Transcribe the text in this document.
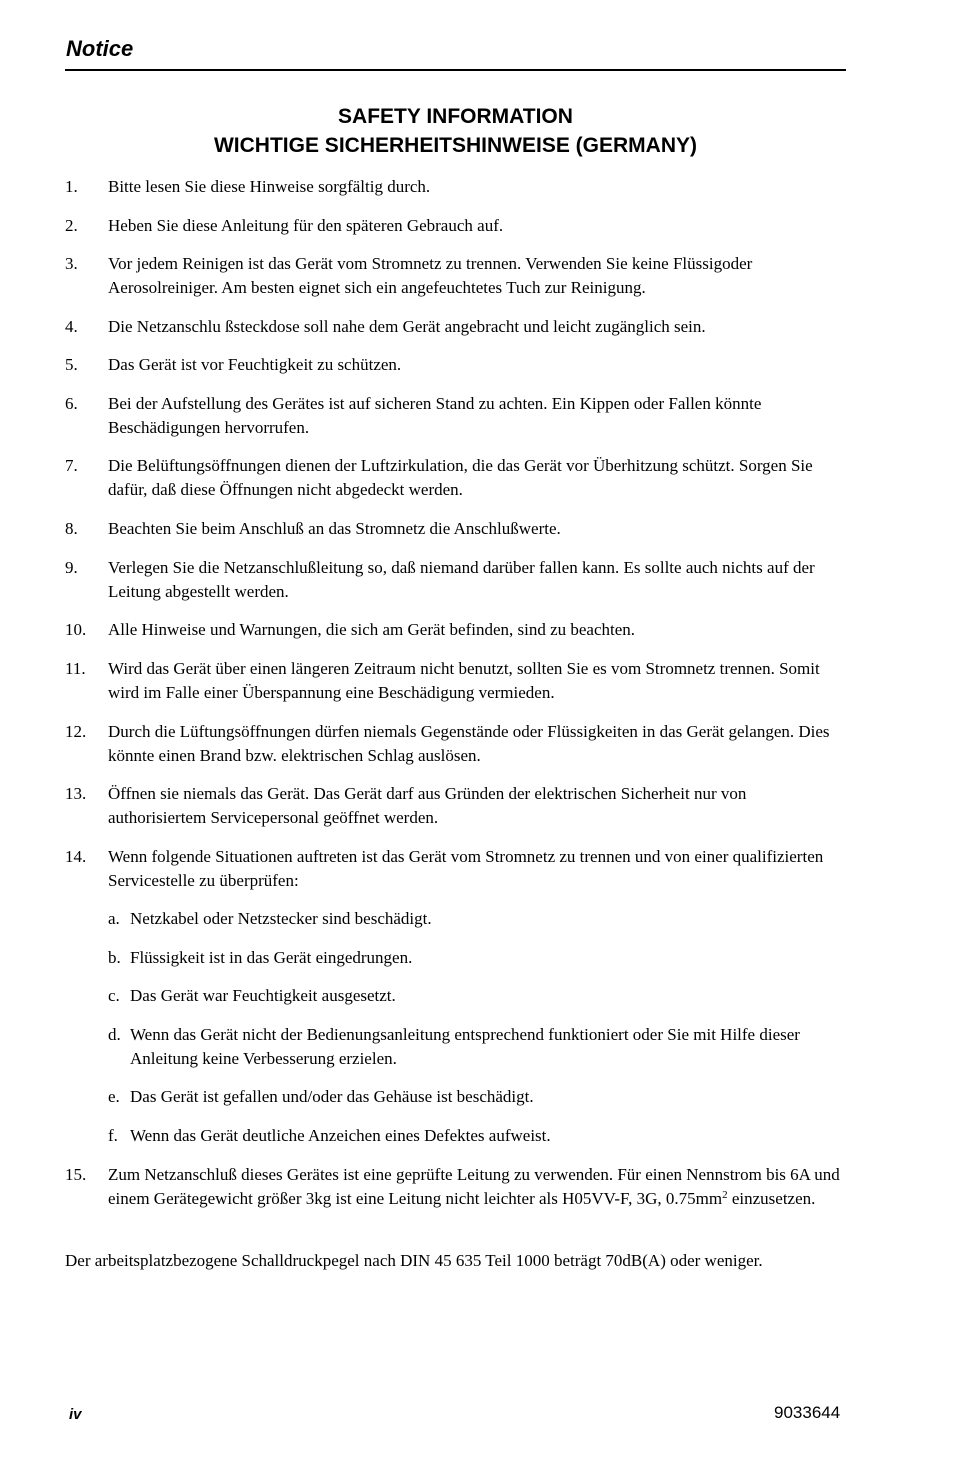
Notice
SAFETY INFORMATION
WICHTIGE SICHERHEITSHINWEISE (GERMANY)
1. Bitte lesen Sie diese Hinweise sorgfältig durch.
2. Heben Sie diese Anleitung für den späteren Gebrauch auf.
3. Vor jedem Reinigen ist das Gerät vom Stromnetz zu trennen. Verwenden Sie keine Flüssigoder Aerosolreiniger. Am besten eignet sich ein angefeuchtetes Tuch zur Reinigung.
4. Die Netzanschlu ßsteckdose soll nahe dem Gerät angebracht und leicht zugänglich sein.
5. Das Gerät ist vor Feuchtigkeit zu schützen.
6. Bei der Aufstellung des Gerätes ist auf sicheren Stand zu achten. Ein Kippen oder Fallen könnte Beschädigungen hervorrufen.
7. Die Belüftungsöffnungen dienen der Luftzirkulation, die das Gerät vor Überhitzung schützt. Sorgen Sie dafür, daß diese Öffnungen nicht abgedeckt werden.
8. Beachten Sie beim Anschluß an das Stromnetz die Anschlußwerte.
9. Verlegen Sie die Netzanschlußleitung so, daß niemand darüber fallen kann. Es sollte auch nichts auf der Leitung abgestellt werden.
10. Alle Hinweise und Warnungen, die sich am Gerät befinden, sind zu beachten.
11. Wird das Gerät über einen längeren Zeitraum nicht benutzt, sollten Sie es vom Stromnetz trennen. Somit wird im Falle einer Überspannung eine Beschädigung vermieden.
12. Durch die Lüftungsöffnungen dürfen niemals Gegenstände oder Flüssigkeiten in das Gerät gelangen. Dies könnte einen Brand bzw. elektrischen Schlag auslösen.
13. Öffnen sie niemals das Gerät. Das Gerät darf aus Gründen der elektrischen Sicherheit nur von authorisiertem Servicepersonal geöffnet werden.
14. Wenn folgende Situationen auftreten ist das Gerät vom Stromnetz zu trennen und von einer qualifizierten Servicestelle zu überprüfen:
a. Netzkabel oder Netzstecker sind beschädigt.
b. Flüssigkeit ist in das Gerät eingedrungen.
c. Das Gerät war Feuchtigkeit ausgesetzt.
d. Wenn das Gerät nicht der Bedienungsanleitung entsprechend funktioniert oder Sie mit Hilfe dieser Anleitung keine Verbesserung erzielen.
e. Das Gerät ist gefallen und/oder das Gehäuse ist beschädigt.
f. Wenn das Gerät deutliche Anzeichen eines Defektes aufweist.
15. Zum Netzanschluß dieses Gerätes ist eine geprüfte Leitung zu verwenden. Für einen Nennstrom bis 6A und einem Gerätegewicht größer 3kg ist eine Leitung nicht leichter als H05VV-F, 3G, $0.75mm^2$ einzusetzen.
Der arbeitsplatzbezogene Schalldruckpegel nach DIN 45 635 Teil 1000 beträgt 70dB(A) oder weniger.
iv	9033644
